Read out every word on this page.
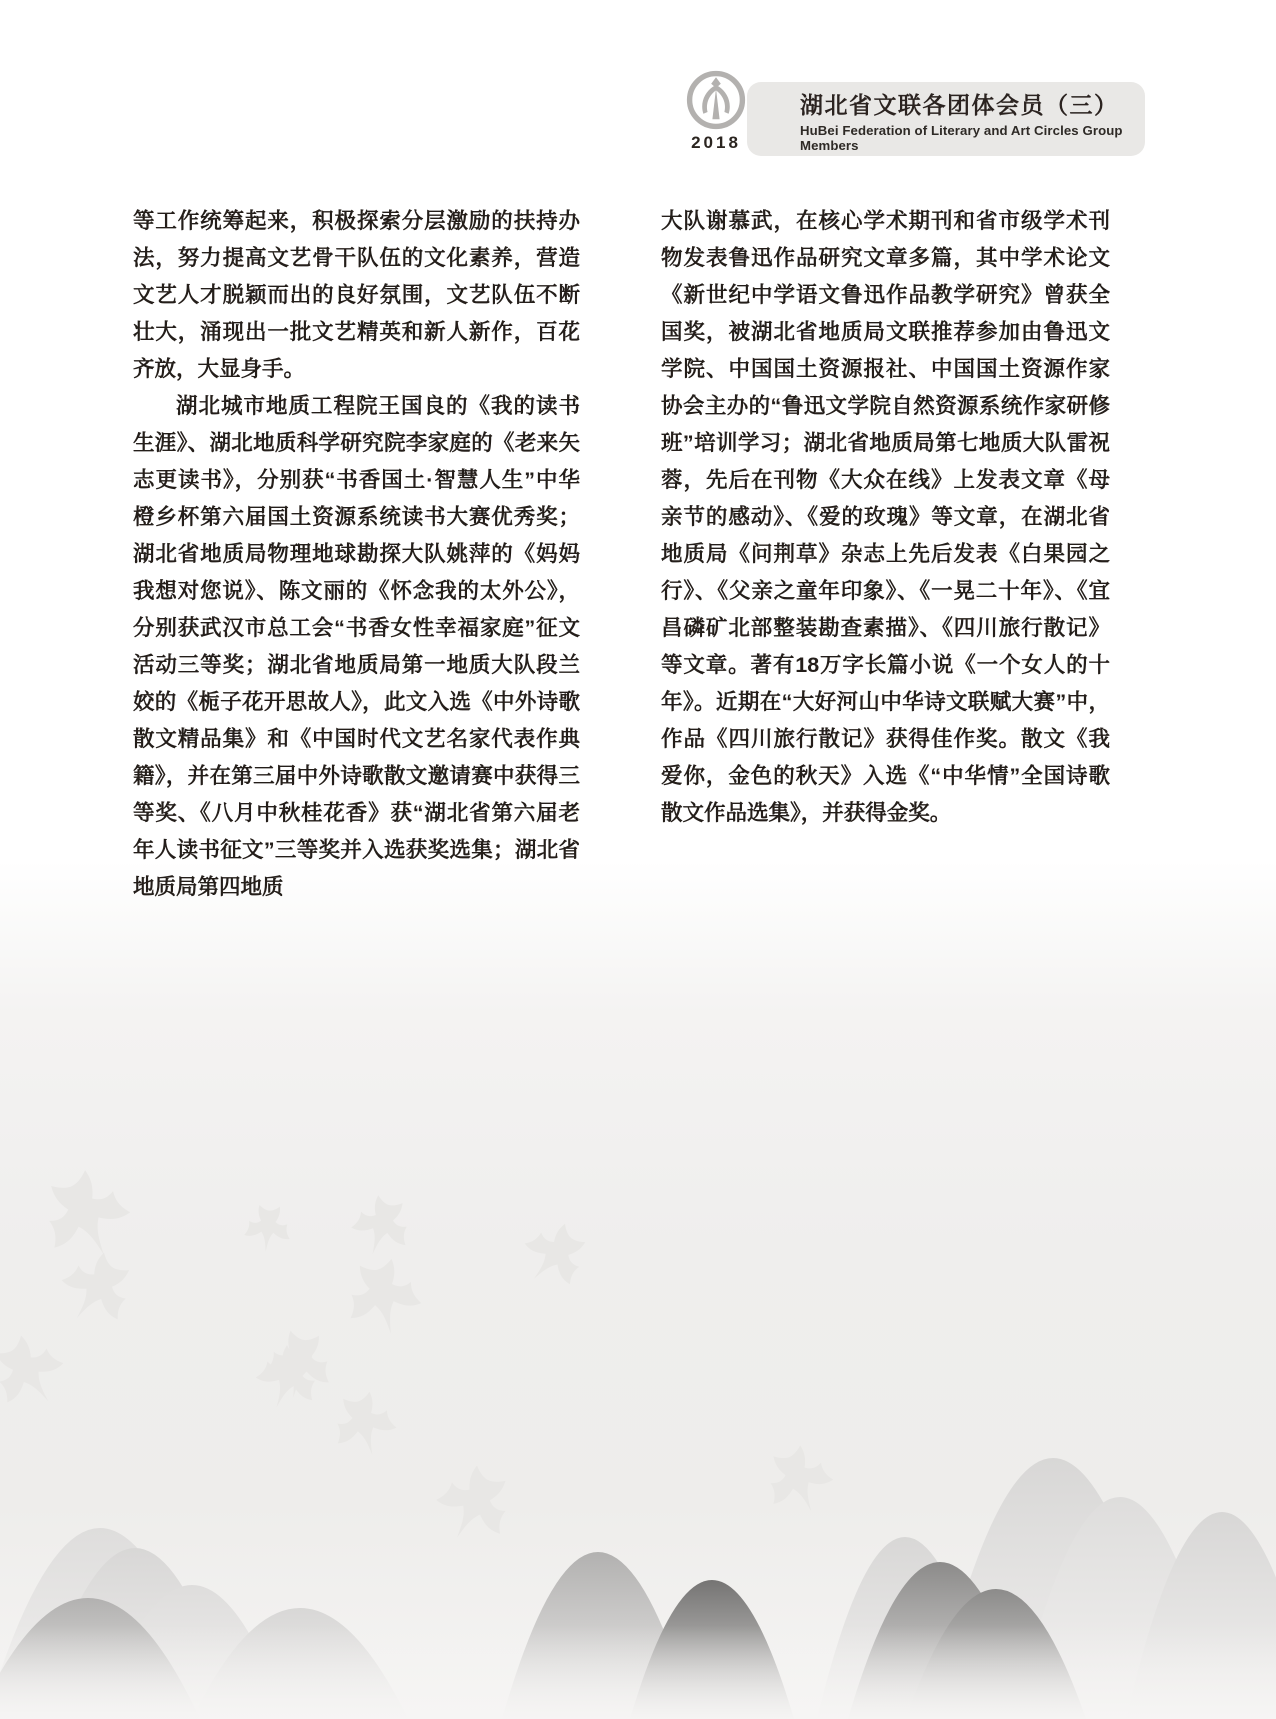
2018
湖北省文联各团体会员（三）
HuBei Federation of Literary and Art Circles Group Members

等工作统筹起来，积极探索分层激励的扶持办法，努力提高文艺骨干队伍的文化素养，营造文艺人才脱颖而出的良好氛围，文艺队伍不断壮大，涌现出一批文艺精英和新人新作，百花齐放，大显身手。

湖北城市地质工程院王国良的《我的读书生涯》、湖北地质科学研究院李家庭的《老来矢志更读书》，分别获“书香国土·智慧人生”中华橙乡杯第六届国土资源系统读书大赛优秀奖；湖北省地质局物理地球勘探大队姚萍的《妈妈 我想对您说》、陈文丽的《怀念我的太外公》，分别获武汉市总工会“书香女性幸福家庭”征文活动三等奖；湖北省地质局第一地质大队段兰姣的《栀子花开思故人》，此文入选《中外诗歌散文精品集》和《中国时代文艺名家代表作典籍》，并在第三届中外诗歌散文邀请赛中获得三等奖、《八月中秋桂花香》获“湖北省第六届老年人读书征文”三等奖并入选获奖选集；湖北省地质局第四地质

大队谢慕武，在核心学术期刊和省市级学术刊物发表鲁迅作品研究文章多篇，其中学术论文《新世纪中学语文鲁迅作品教学研究》曾获全国奖，被湖北省地质局文联推荐参加由鲁迅文学院、中国国土资源报社、中国国土资源作家协会主办的“鲁迅文学院自然资源系统作家研修班”培训学习；湖北省地质局第七地质大队雷祝蓉，先后在刊物《大众在线》上发表文章《母亲节的感动》、《爱的玫瑰》等文章，在湖北省地质局《问荆草》杂志上先后发表《白果园之行》、《父亲之童年印象》、《一晃二十年》、《宜昌磷矿北部整装勘查素描》、《四川旅行散记》等文章。著有18万字长篇小说《一个女人的十年》。近期在“大好河山中华诗文联赋大赛”中，作品《四川旅行散记》获得佳作奖。散文《我爱你，金色的秋天》入选《“中华情”全国诗歌散文作品选集》，并获得金奖。
